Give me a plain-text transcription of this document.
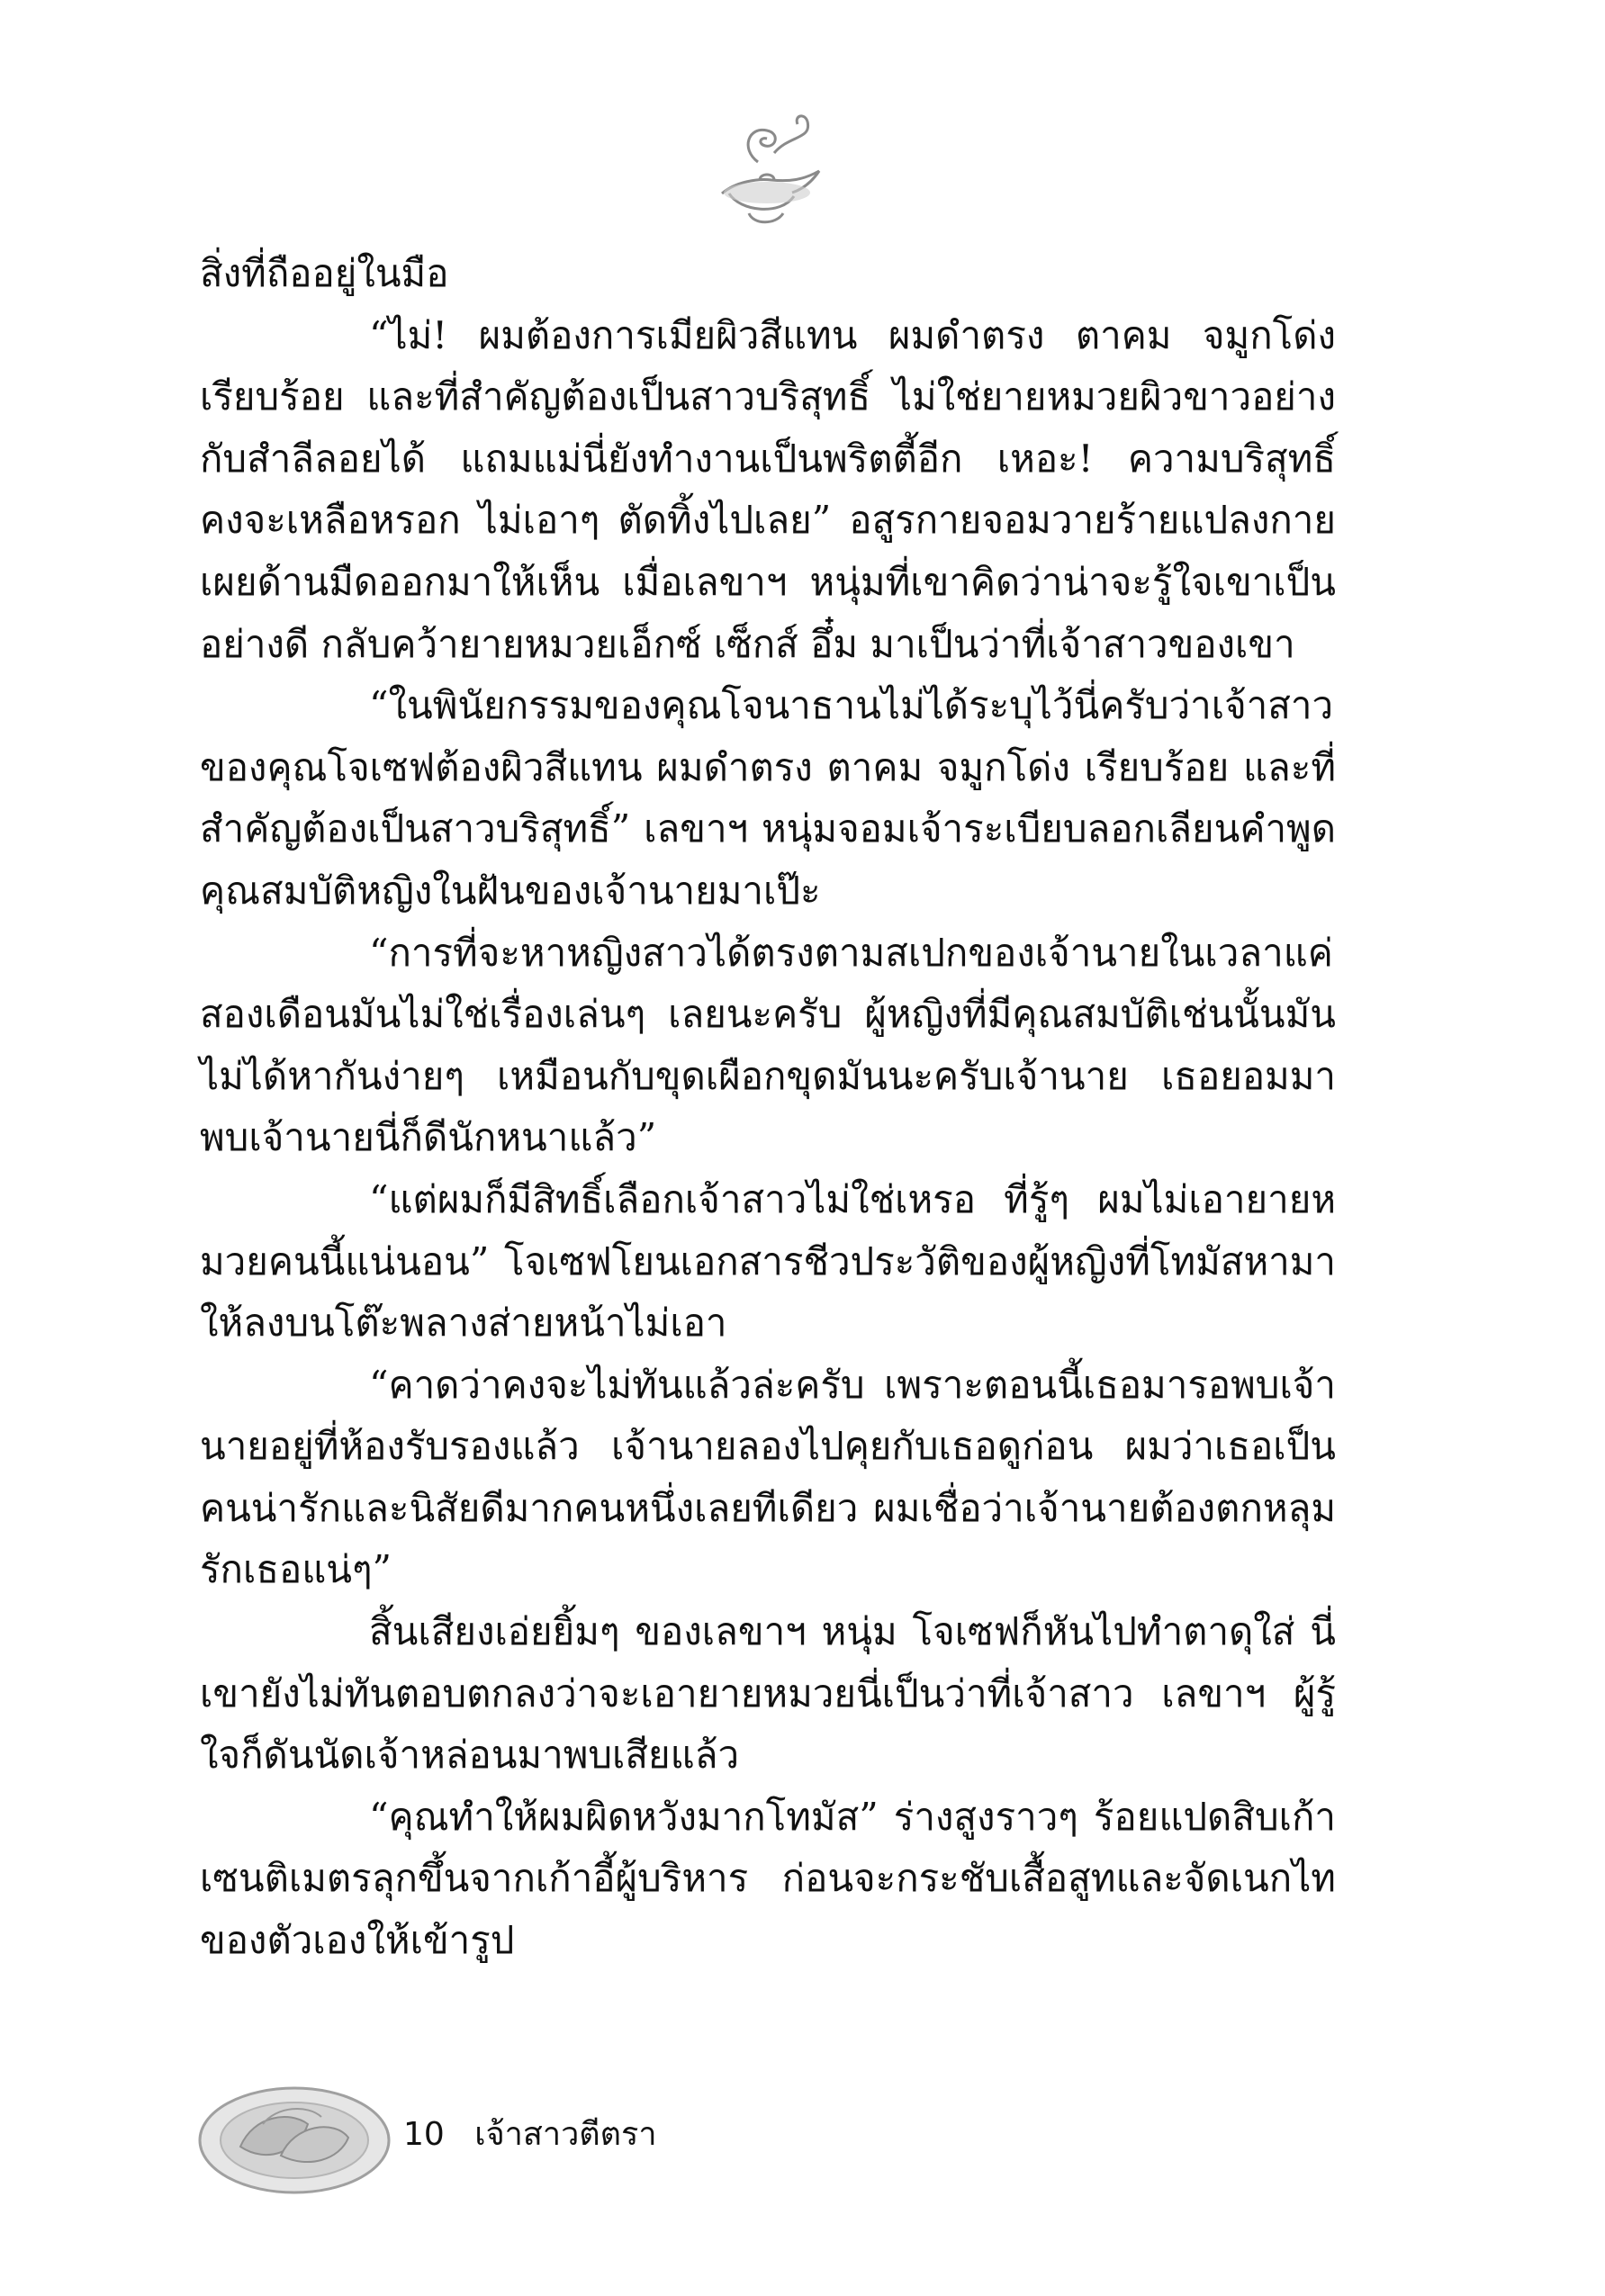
สิ่งที่ถืออยู่ในมือ

“ไม่! ผมต้องการเมียผิวสีแทน ผมดำตรง ตาคม จมูกโด่ง เรียบร้อย และที่สำคัญต้องเป็นสาวบริสุทธิ์ ไม่ใช่ยายหมวยผิวขาวอย่างกับสำลีลอยได้ แถมแม่นี่ยังทำงานเป็นพริตตี้อีก เหอะ! ความบริสุทธิ์คงจะเหลือหรอก ไม่เอาๆ ตัดทิ้งไปเลย” อสูรกายจอมวายร้ายแปลงกายเผยด้านมืดออกมาให้เห็น เมื่อเลขาฯ หนุ่มที่เขาคิดว่าน่าจะรู้ใจเขาเป็นอย่างดี กลับคว้ายายหมวยเอ็กซ์ เซ็กส์ อึ๋ม มาเป็นว่าที่เจ้าสาวของเขา

“ในพินัยกรรมของคุณโจนาธานไม่ได้ระบุไว้นี่ครับว่าเจ้าสาวของคุณโจเซฟต้องผิวสีแทน ผมดำตรง ตาคม จมูกโด่ง เรียบร้อย และที่สำคัญต้องเป็นสาวบริสุทธิ์” เลขาฯ หนุ่มจอมเจ้าระเบียบลอกเลียนคำพูดคุณสมบัติหญิงในฝันของเจ้านายมาเป๊ะ

“การที่จะหาหญิงสาวได้ตรงตามสเปกของเจ้านายในเวลาแค่สองเดือนมันไม่ใช่เรื่องเล่นๆ เลยนะครับ ผู้หญิงที่มีคุณสมบัติเช่นนั้นมันไม่ได้หากันง่ายๆ เหมือนกับขุดเผือกขุดมันนะครับเจ้านาย เธอยอมมาพบเจ้านายนี่ก็ดีนักหนาแล้ว”

“แต่ผมก็มีสิทธิ์เลือกเจ้าสาวไม่ใช่เหรอ ที่รู้ๆ ผมไม่เอายายหมวยคนนี้แน่นอน” โจเซฟโยนเอกสารชีวประวัติของผู้หญิงที่โทมัสหามาให้ลงบนโต๊ะพลางส่ายหน้าไม่เอา

“คาดว่าคงจะไม่ทันแล้วล่ะครับ เพราะตอนนี้เธอมารอพบเจ้านายอยู่ที่ห้องรับรองแล้ว เจ้านายลองไปคุยกับเธอดูก่อน ผมว่าเธอเป็นคนน่ารักและนิสัยดีมากคนหนึ่งเลยทีเดียว ผมเชื่อว่าเจ้านายต้องตกหลุมรักเธอแน่ๆ”

สิ้นเสียงเอ่ยยิ้มๆ ของเลขาฯ หนุ่ม โจเซฟก็หันไปทำตาดุใส่ นี่เขายังไม่ทันตอบตกลงว่าจะเอายายหมวยนี่เป็นว่าที่เจ้าสาว เลขาฯ ผู้รู้ใจก็ดันนัดเจ้าหล่อนมาพบเสียแล้ว

“คุณทำให้ผมผิดหวังมากโทมัส” ร่างสูงราวๆ ร้อยแปดสิบเก้าเซนติเมตรลุกขึ้นจากเก้าอี้ผู้บริหาร ก่อนจะกระชับเสื้อสูทและจัดเนกไทของตัวเองให้เข้ารูป

10 เจ้าสาวตีตรา
